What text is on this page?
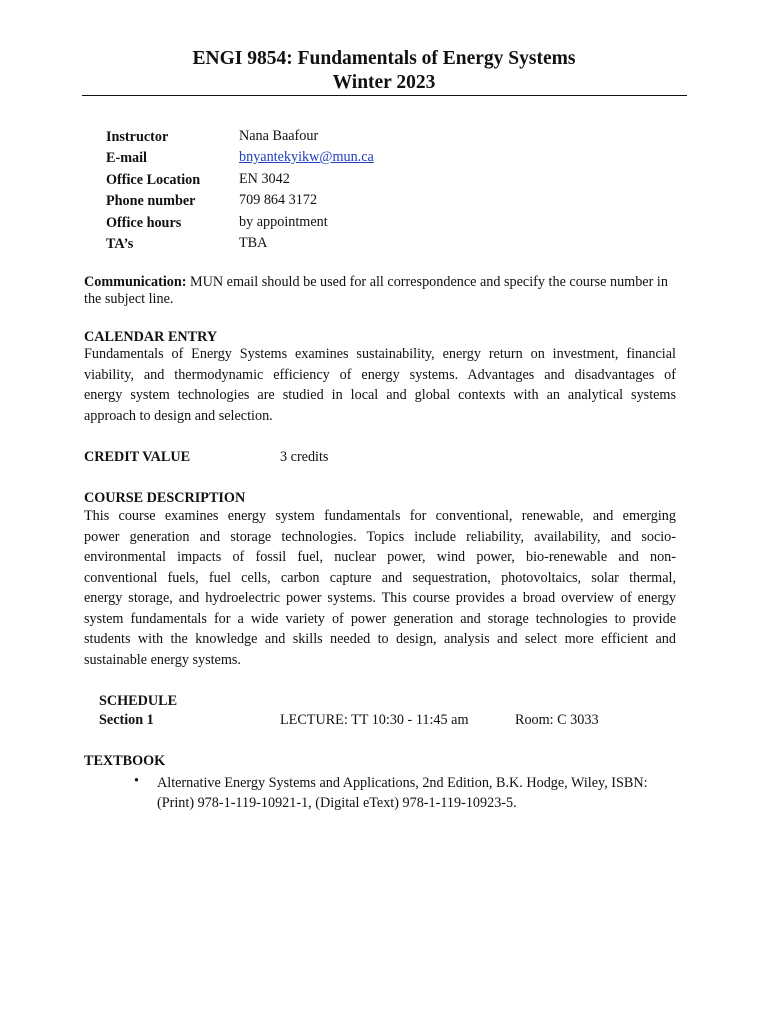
ENGI 9854: Fundamentals of Energy Systems
Winter 2023
Instructor	Nana Baafour
E-mail	bnyantekyikw@mun.ca
Office Location	EN 3042
Phone number	709 864 3172
Office hours	by appointment
TA’s	TBA
Communication: MUN email should be used for all correspondence and specify the course number in
the subject line.
CALENDAR ENTRY
Fundamentals of Energy Systems examines sustainability, energy return on investment, financial
viability, and thermodynamic efficiency of energy systems. Advantages and disadvantages of
energy system technologies are studied in local and global contexts with an analytical systems
approach to design and selection.
CREDIT VALUE	3 credits
COURSE DESCRIPTION
This course examines energy system fundamentals for conventional, renewable, and emerging
power generation and storage technologies. Topics include reliability, availability, and socio-
environmental impacts of fossil fuel, nuclear power, wind power, bio-renewable and non-
conventional fuels, fuel cells, carbon capture and sequestration, photovoltaics, solar thermal,
energy storage, and hydroelectric power systems. This course provides a broad overview of energy
system fundamentals for a wide variety of power generation and storage technologies to provide
students with the knowledge and skills needed to design, analysis and select more efficient and
sustainable energy systems.
SCHEDULE
Section 1	LECTURE: TT 10:30 - 11:45 am	Room: C 3033
TEXTBOOK
• Alternative Energy Systems and Applications, 2nd Edition, B.K. Hodge, Wiley, ISBN:
(Print) 978-1-119-10921-1, (Digital eText) 978-1-119-10923-5.
